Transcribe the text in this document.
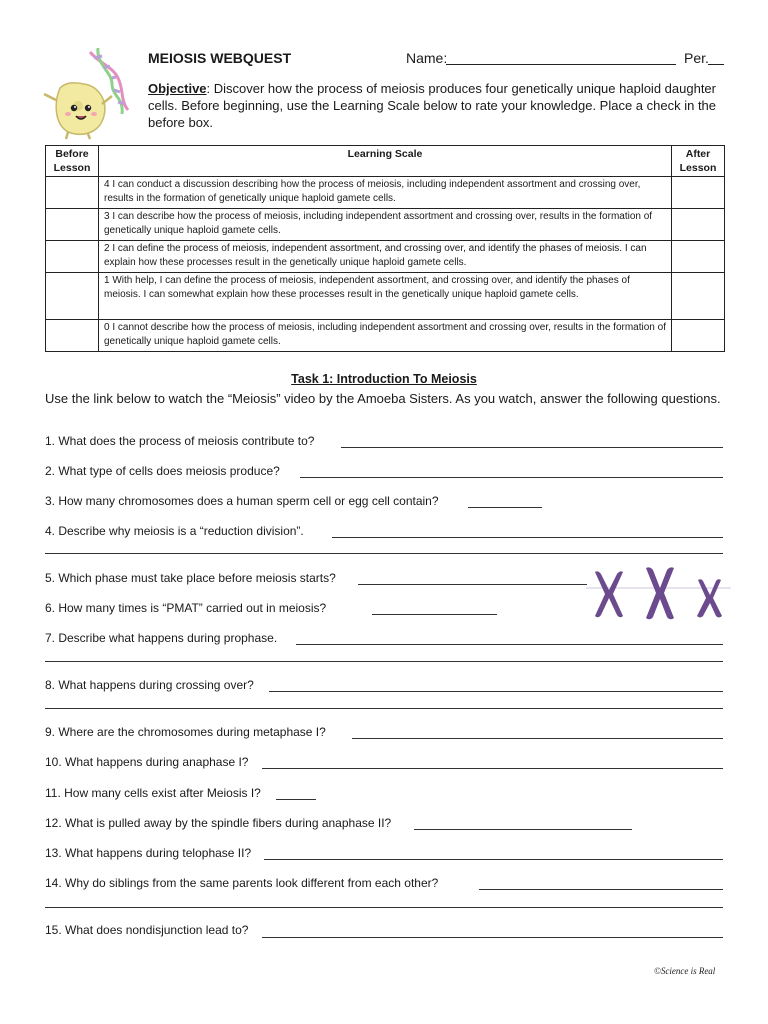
MEIOSIS WEBQUEST	Name:	Per.
Objective: Discover how the process of meiosis produces four genetically unique haploid daughter cells. Before beginning, use the Learning Scale below to rate your knowledge. Place a check in the before box.
Before Lesson	Learning Scale	After Lesson
	4 I can conduct a discussion describing how the process of meiosis, including independent assortment and crossing over, results in the formation of genetically unique haploid gamete cells.	
	3 I can describe how the process of meiosis, including independent assortment and crossing over, results in the formation of genetically unique haploid gamete cells.	
	2 I can define the process of meiosis, independent assortment, and crossing over, and identify the phases of meiosis. I can explain how these processes result in the genetically unique haploid gamete cells.	
	1 With help, I can define the process of meiosis, independent assortment, and crossing over, and identify the phases of meiosis. I can somewhat explain how these processes result in the genetically unique haploid gamete cells.	
	0 I cannot describe how the process of meiosis, including independent assortment and crossing over, results in the formation of genetically unique haploid gamete cells.	
Task 1: Introduction To Meiosis
Use the link below to watch the “Meiosis” video by the Amoeba Sisters. As you watch, answer the following questions.
1. What does the process of meiosis contribute to?
2. What type of cells does meiosis produce?
3. How many chromosomes does a human sperm cell or egg cell contain?
4. Describe why meiosis is a “reduction division”.
5. Which phase must take place before meiosis starts?
6. How many times is “PMAT” carried out in meiosis?
7. Describe what happens during prophase.
8. What happens during crossing over?
9. Where are the chromosomes during metaphase I?
10. What happens during anaphase I?
11. How many cells exist after Meiosis I?
12. What is pulled away by the spindle fibers during anaphase II?
13. What happens during telophase II?
14. Why do siblings from the same parents look different from each other?
15. What does nondisjunction lead to?
©Science is Real
